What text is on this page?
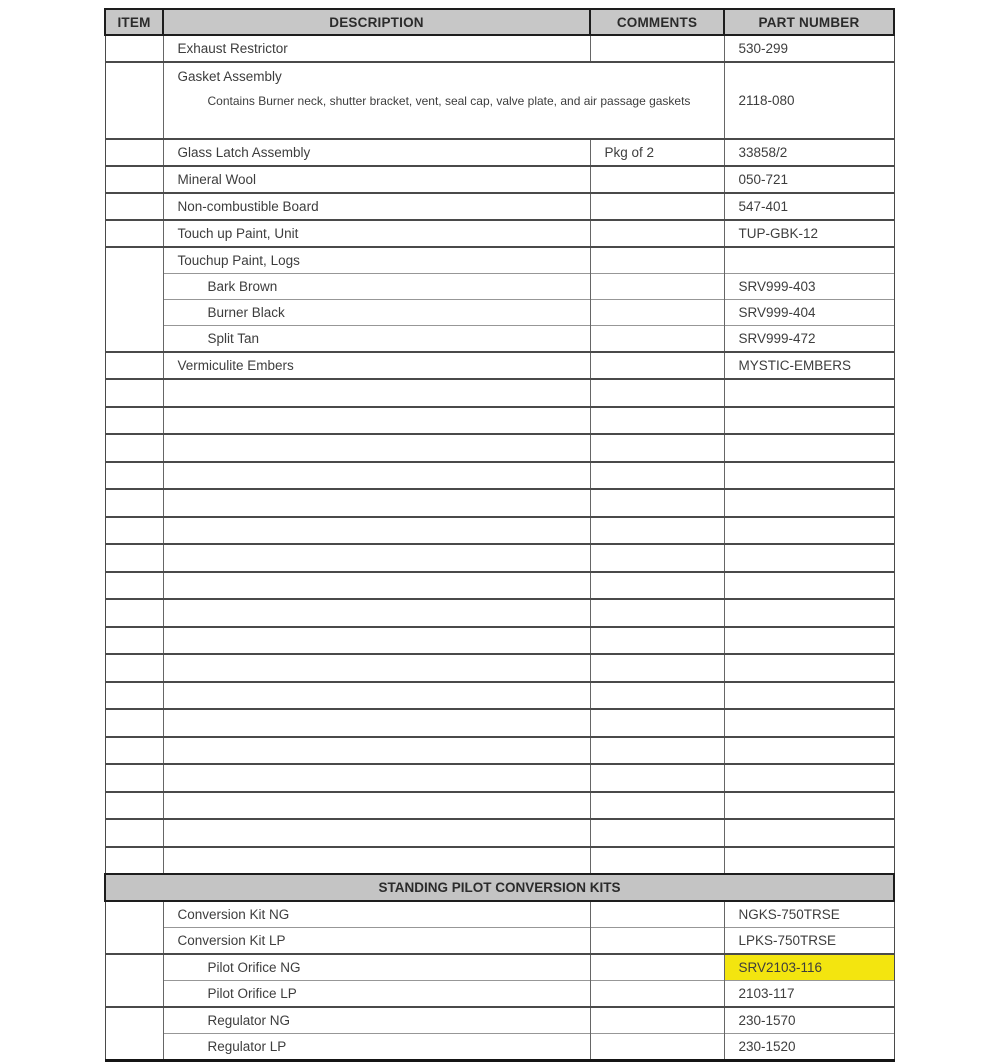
ITEM	DESCRIPTION	COMMENTS	PART NUMBER
	Exhaust Restrictor		530-299

	Gasket Assembly
Contains Burner neck, shutter bracket, vent, seal cap, valve plate, and air passage gaskets		2118-080
	Glass Latch Assembly	Pkg of 2	33858/2
	Mineral Wool		050-721
	Non-combustible Board		547-401
	Touch up Paint, Unit		TUP-GBK-12
	Touchup Paint, Logs		
	Bark Brown		SRV999-403
	Burner Black		SRV999-404
	Split Tan		SRV999-472
	Vermiculite Embers		MYSTIC-EMBERS

STANDING PILOT CONVERSION KITS			
	Conversion Kit NG		NGKS-750TRSE
	Conversion Kit LP		LPKS-750TRSE
	Pilot Orifice NG		SRV2103-116
	Pilot Orifice LP		2103-117
	Regulator NG		230-1570
	Regulator LP		230-1520
